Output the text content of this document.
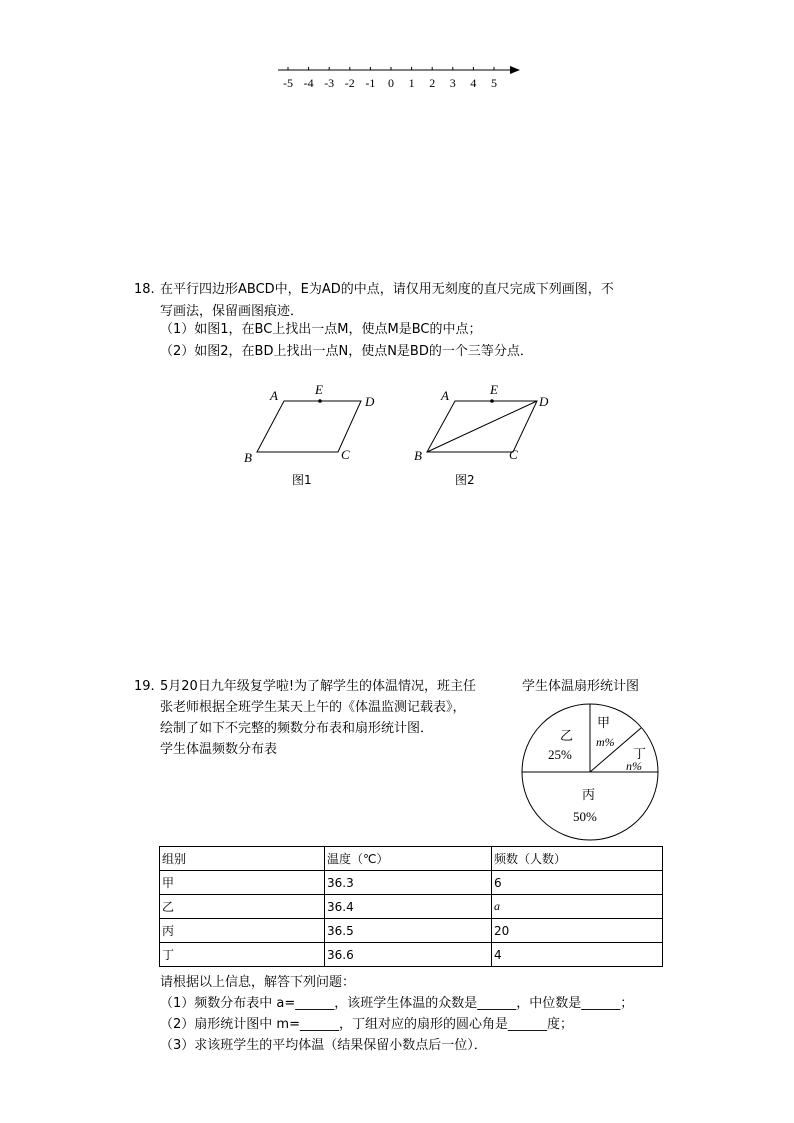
-5 -4 -3 -2 -1 0 1 2 3 4 5
18. 在平行四边形ABCD中，E为AD的中点，请仅用无刻度的直尺完成下列画图，不
写画法，保留画图痕迹．
（1）如图1，在BC上找出一点M，使点M是BC的中点；
（2）如图2，在BD上找出一点N，使点N是BD的一个三等分点．
A	E
D
B	C
图1
A	E
D
B	C
图2
19. 5月20日九年级复学啦!为了解学生的体温情况，班主任
张老师根据全班学生某天上午的《体温监测记载表》，
绘制了如下不完整的频数分布表和扇形统计图．
学生体温频数分布表
学生体温扇形统计图
乙
25%
甲
m%
丁
n%
丙
50%
组别	温度（℃）	频数（人数）
甲	36.3	6
乙	36.4	a
丙	36.5	20
丁	36.6	4
请根据以上信息，解答下列问题：
（1）频数分布表中 a=______，该班学生体温的众数是______，中位数是______；
（2）扇形统计图中 m=______，丁组对应的扇形的圆心角是______度；
（3）求该班学生的平均体温（结果保留小数点后一位）．
